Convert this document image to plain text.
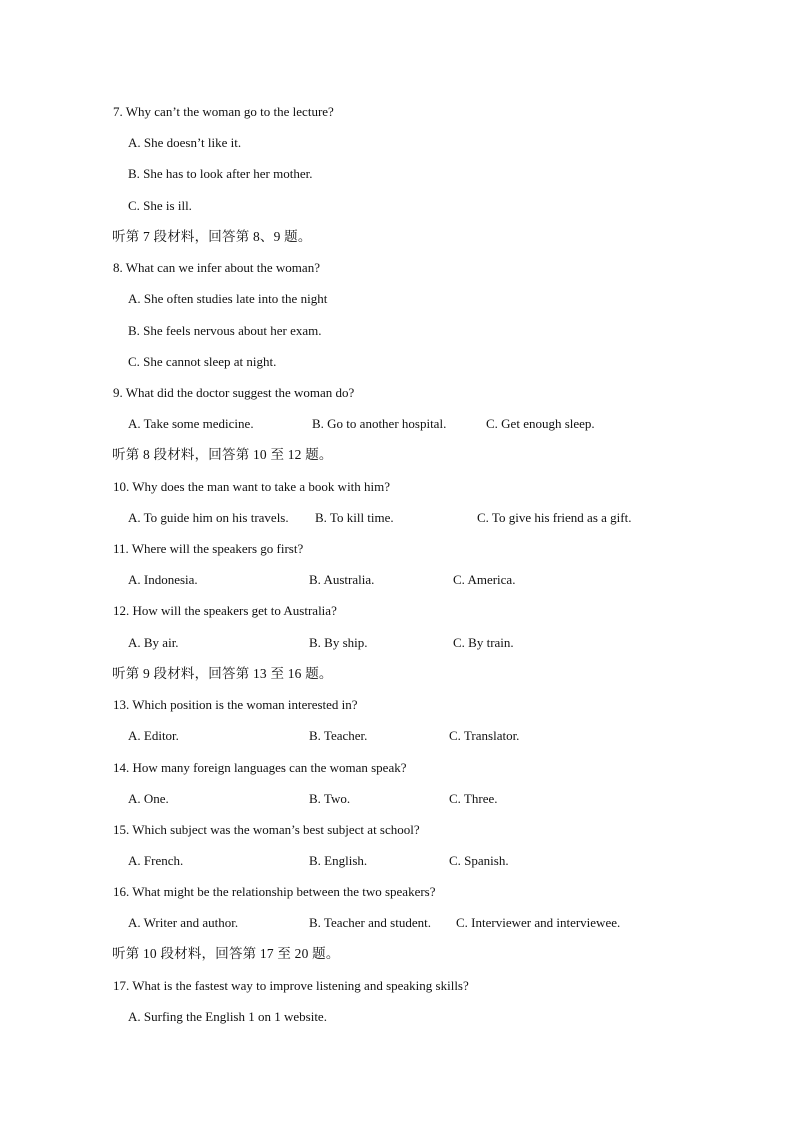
7. Why can’t the woman go to the lecture?
A. She doesn’t like it.
B. She has to look after her mother.
C. She is ill.
听第 7 段材料，回答第 8、9 题。
8. What can we infer about the woman?
A. She often studies late into the night
B. She feels nervous about her exam.
C. She cannot sleep at night.
9. What did the doctor suggest the woman do?
A. Take some medicine.	B. Go to another hospital.	C. Get enough sleep.
听第 8 段材料，回答第 10 至 12 题。
10. Why does the man want to take a book with him?
A. To guide him on his travels. B. To kill time.	C. To give his friend as a gift.
11. Where will the speakers go first?
A. Indonesia.	B. Australia.	C. America.
12. How will the speakers get to Australia?
A. By air.	B. By ship.	C. By train.
听第 9 段材料，回答第 13 至 16 题。
13. Which position is the woman interested in?
A. Editor.	B. Teacher.	C. Translator.
14. How many foreign languages can the woman speak?
A. One.	B. Two.	C. Three.
15. Which subject was the woman’s best subject at school?
A. French.	B. English.	C. Spanish.
16. What might be the relationship between the two speakers?
A. Writer and author.	B. Teacher and student. C. Interviewer and interviewee.
听第 10 段材料，回答第 17 至 20 题。
17. What is the fastest way to improve listening and speaking skills?
A. Surfing the English 1 on 1 website.
